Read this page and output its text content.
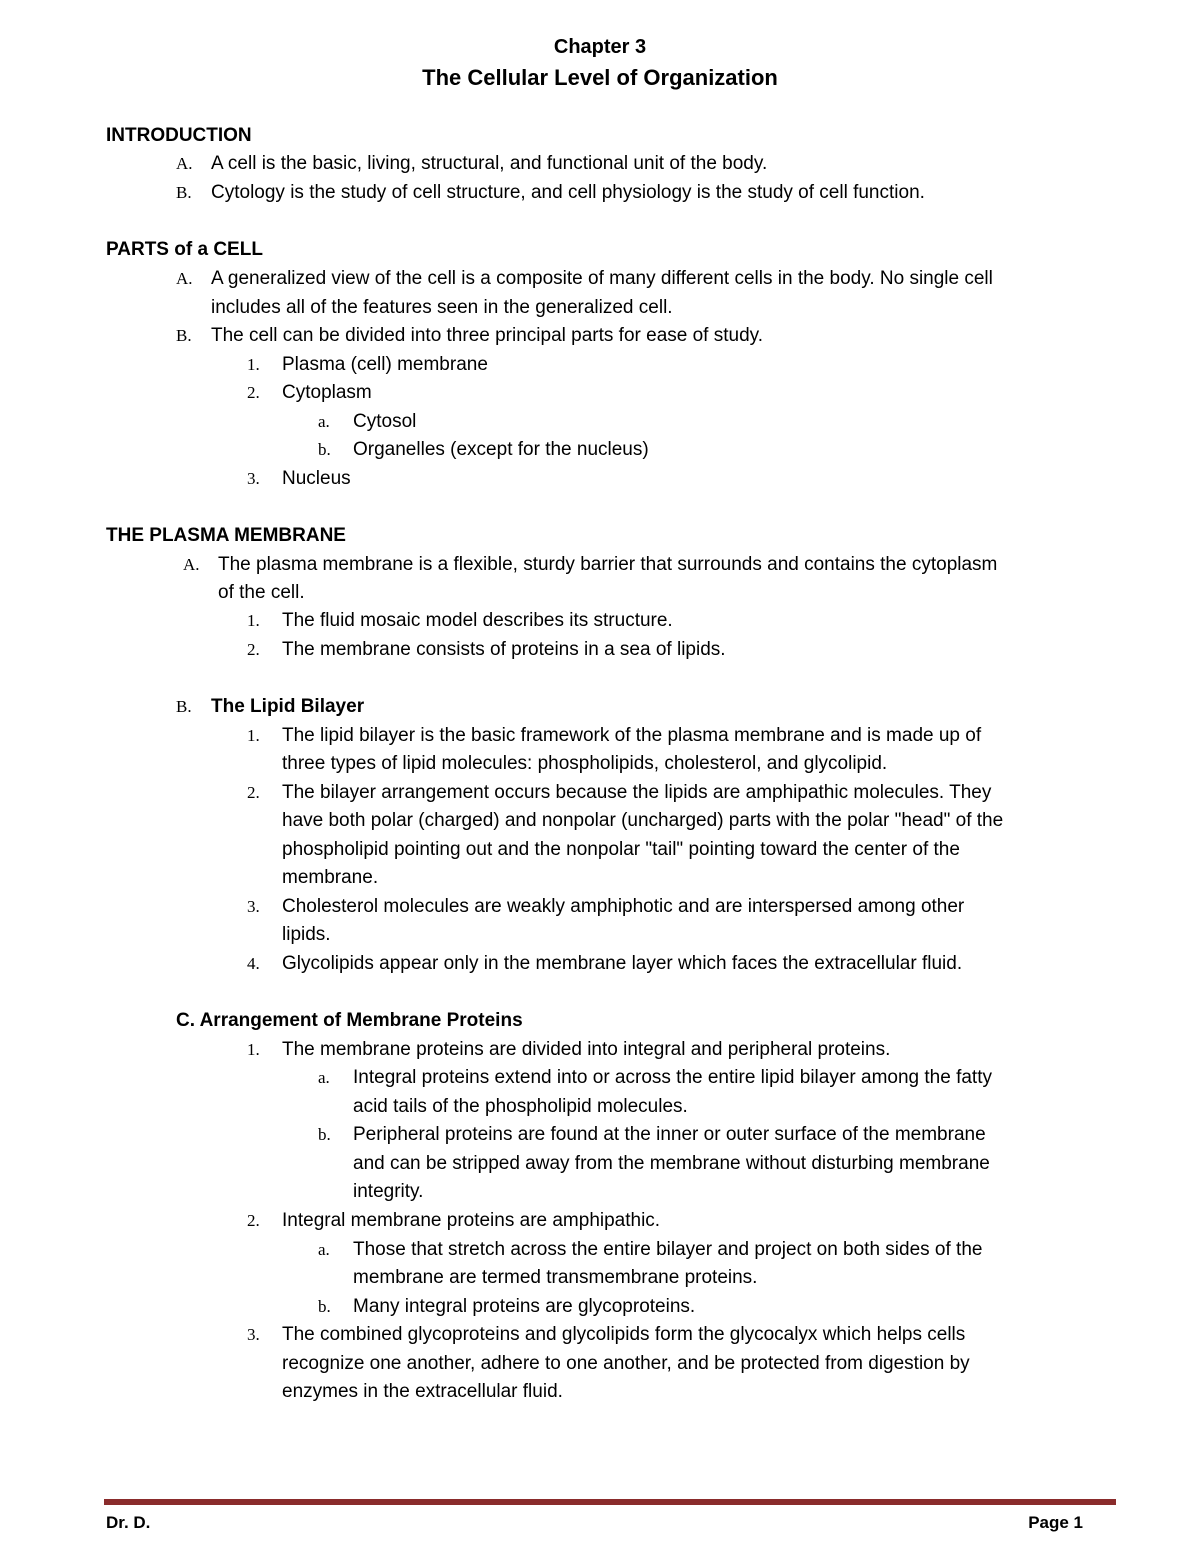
Chapter 3
The Cellular Level of Organization
INTRODUCTION
A. A cell is the basic, living, structural, and functional unit of the body.
B. Cytology is the study of cell structure, and cell physiology is the study of cell function.
PARTS of a CELL
A. A generalized view of the cell is a composite of many different cells in the body. No single cell
includes all of the features seen in the generalized cell.
B. The cell can be divided into three principal parts for ease of study.
1. Plasma (cell) membrane
2. Cytoplasm
a. Cytosol
b. Organelles (except for the nucleus)
3. Nucleus
THE PLASMA MEMBRANE
A. The plasma membrane is a flexible, sturdy barrier that surrounds and contains the cytoplasm
of the cell.
1. The fluid mosaic model describes its structure.
2. The membrane consists of proteins in a sea of lipids.
B. The Lipid Bilayer
1. The lipid bilayer is the basic framework of the plasma membrane and is made up of
three types of lipid molecules: phospholipids, cholesterol, and glycolipid.
2. The bilayer arrangement occurs because the lipids are amphipathic molecules. They
have both polar (charged) and nonpolar (uncharged) parts with the polar "head" of the
phospholipid pointing out and the nonpolar "tail" pointing toward the center of the
membrane.
3. Cholesterol molecules are weakly amphiphotic and are interspersed among other
lipids.
4. Glycolipids appear only in the membrane layer which faces the extracellular fluid.
C. Arrangement of Membrane Proteins
1. The membrane proteins are divided into integral and peripheral proteins.
a. Integral proteins extend into or across the entire lipid bilayer among the fatty
acid tails of the phospholipid molecules.
b. Peripheral proteins are found at the inner or outer surface of the membrane
and can be stripped away from the membrane without disturbing membrane
integrity.
2. Integral membrane proteins are amphipathic.
a. Those that stretch across the entire bilayer and project on both sides of the
membrane are termed transmembrane proteins.
b. Many integral proteins are glycoproteins.
3. The combined glycoproteins and glycolipids form the glycocalyx which helps cells
recognize one another, adhere to one another, and be protected from digestion by
enzymes in the extracellular fluid.
Dr. D.	Page 1
